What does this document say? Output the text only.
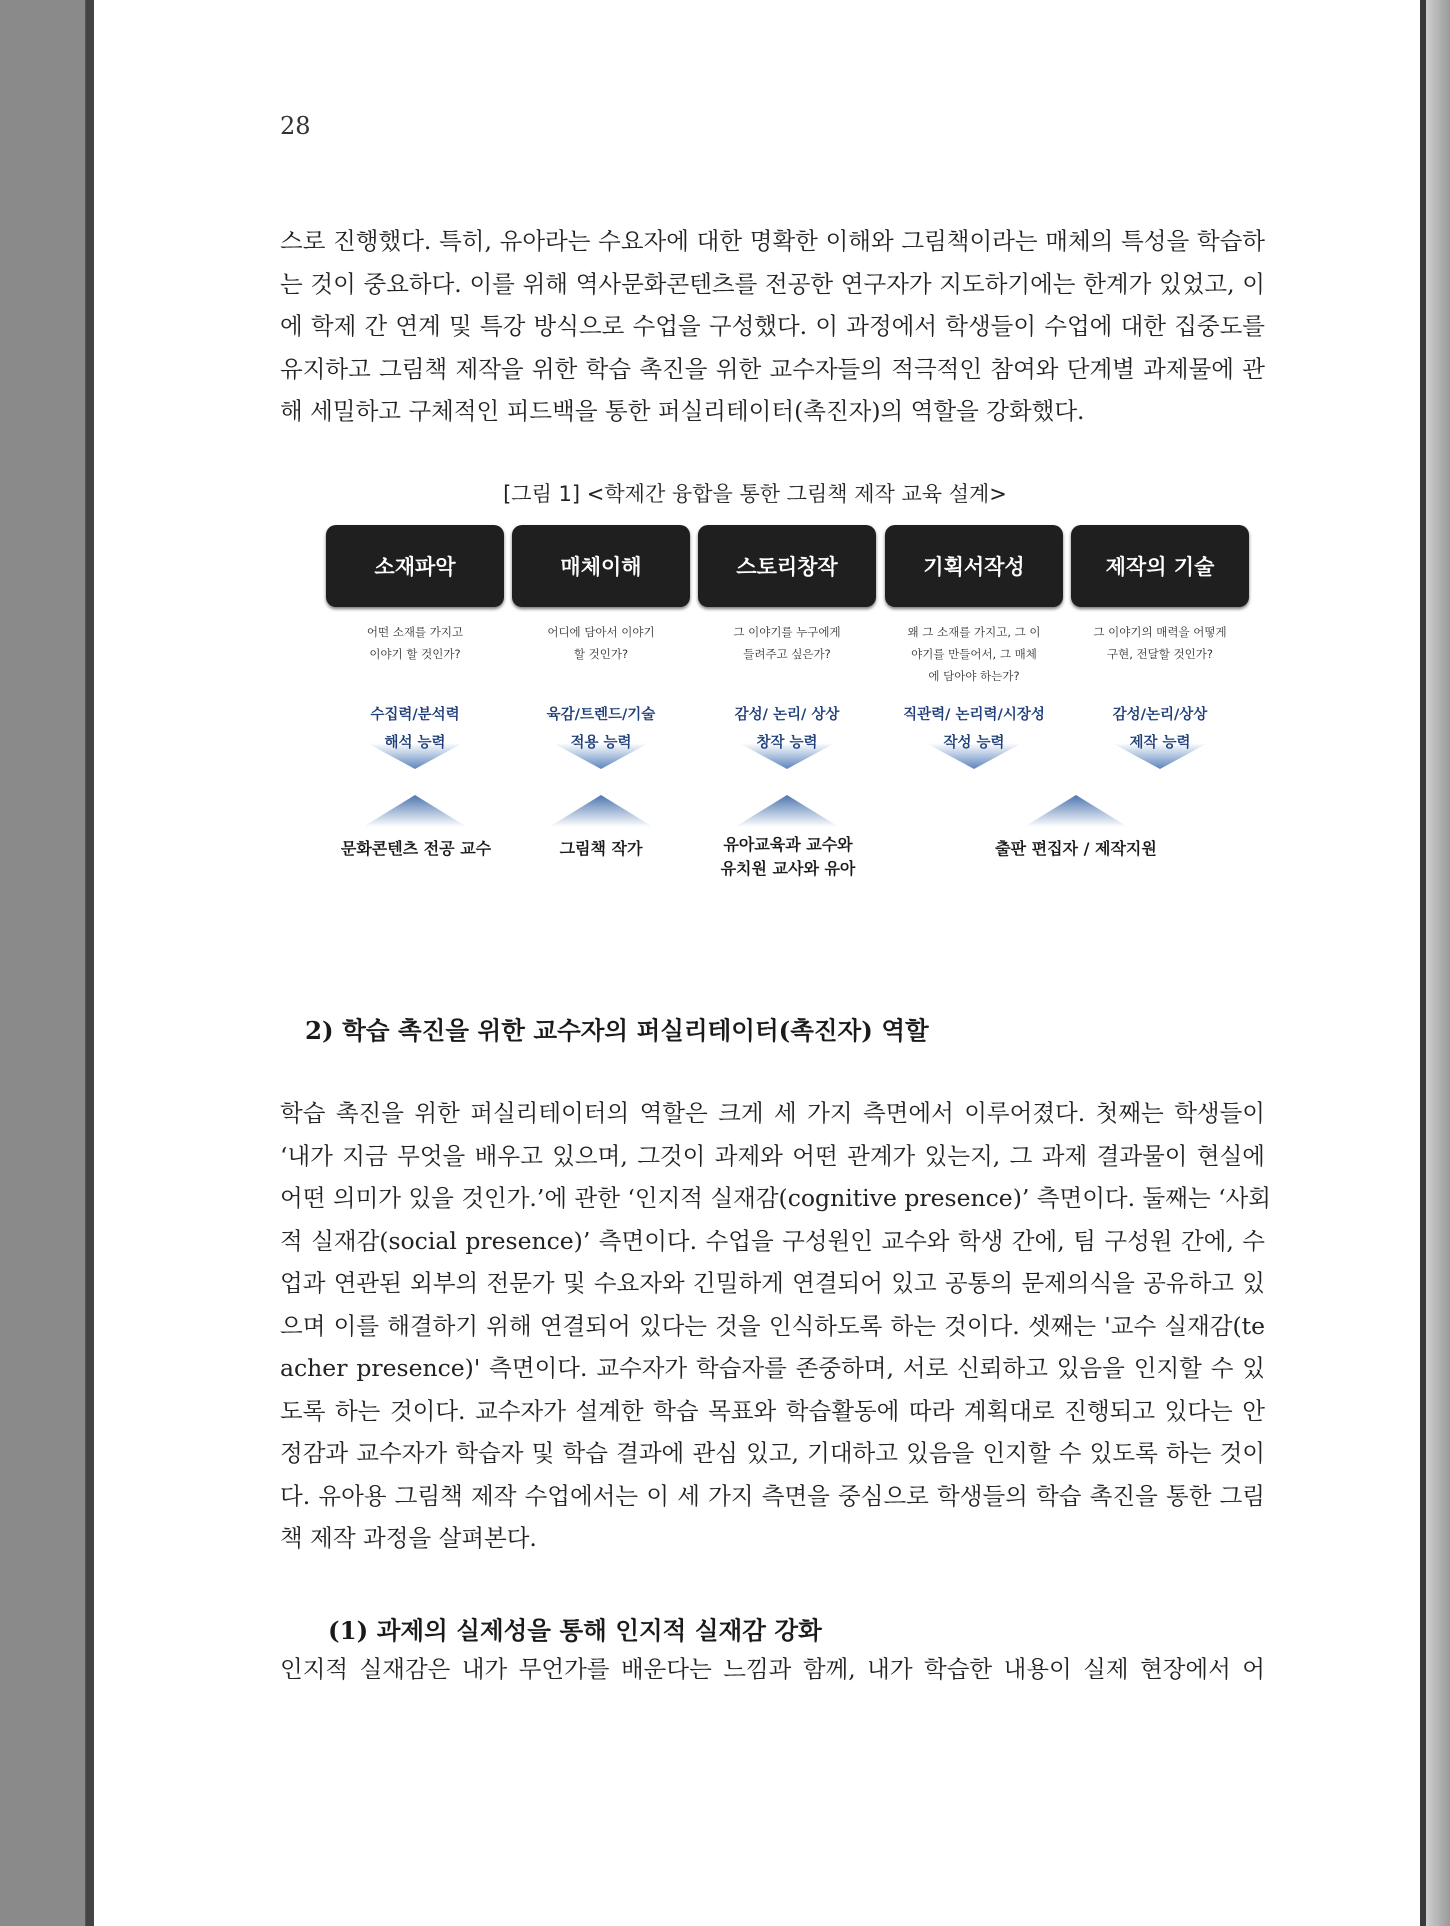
28
스로 진행했다. 특히, 유아라는 수요자에 대한 명확한 이해와 그림책이라는 매체의 특성을 학습하
는 것이 중요하다. 이를 위해 역사문화콘텐츠를 전공한 연구자가 지도하기에는 한계가 있었고, 이
에 학제 간 연계 및 특강 방식으로 수업을 구성했다. 이 과정에서 학생들이 수업에 대한 집중도를
유지하고 그림책 제작을 위한 학습 촉진을 위한 교수자들의 적극적인 참여와 단계별 과제물에 관
해 세밀하고 구체적인 피드백을 통한 퍼실리테이터(촉진자)의 역할을 강화했다.
[그림 1] <학제간 융합을 통한 그림책 제작 교육 설계>
소재파악
어떤 소재를 가지고
이야기 할 것인가?
수집력/분석력
해석 능력
매체이해
어디에 담아서 이야기
할 것인가?
육감/트렌드/기술
적용 능력
스토리창작
그 이야기를 누구에게
들려주고 싶은가?
감성/ 논리/ 상상
창작 능력
기획서작성
왜 그 소재를 가지고, 그 이
야기를 만들어서, 그 매체
에 담아야 하는가?
직관력/ 논리력/시장성
작성 능력
제작의 기술
그 이야기의 매력을 어떻게
구현, 전달할 것인가?
감성/논리/상상
제작 능력
문화콘텐츠 전공 교수	그림책 작가	유아교육과 교수와
유치원 교사와 유아
출판 편집자 / 제작지원
2) 학습 촉진을 위한 교수자의 퍼실리테이터(촉진자) 역할
학습 촉진을 위한 퍼실리테이터의 역할은 크게 세 가지 측면에서 이루어졌다. 첫째는 학생들이
‘내가 지금 무엇을 배우고 있으며, 그것이 과제와 어떤 관계가 있는지, 그 과제 결과물이 현실에
어떤 의미가 있을 것인가.’에 관한 ‘인지적 실재감(cognitive presence)’ 측면이다. 둘째는 ‘사회
적 실재감(social presence)’ 측면이다. 수업을 구성원인 교수와 학생 간에, 팀 구성원 간에, 수
업과 연관된 외부의 전문가 및 수요자와 긴밀하게 연결되어 있고 공통의 문제의식을 공유하고 있
으며 이를 해결하기 위해 연결되어 있다는 것을 인식하도록 하는 것이다. 셋째는 '교수 실재감(te
acher presence)' 측면이다. 교수자가 학습자를 존중하며, 서로 신뢰하고 있음을 인지할 수 있
도록 하는 것이다. 교수자가 설계한 학습 목표와 학습활동에 따라 계획대로 진행되고 있다는 안
정감과 교수자가 학습자 및 학습 결과에 관심 있고, 기대하고 있음을 인지할 수 있도록 하는 것이
다. 유아용 그림책 제작 수업에서는 이 세 가지 측면을 중심으로 학생들의 학습 촉진을 통한 그림
책 제작 과정을 살펴본다.
(1) 과제의 실제성을 통해 인지적 실재감 강화
인지적 실재감은 내가 무언가를 배운다는 느낌과 함께, 내가 학습한 내용이 실제 현장에서 어
